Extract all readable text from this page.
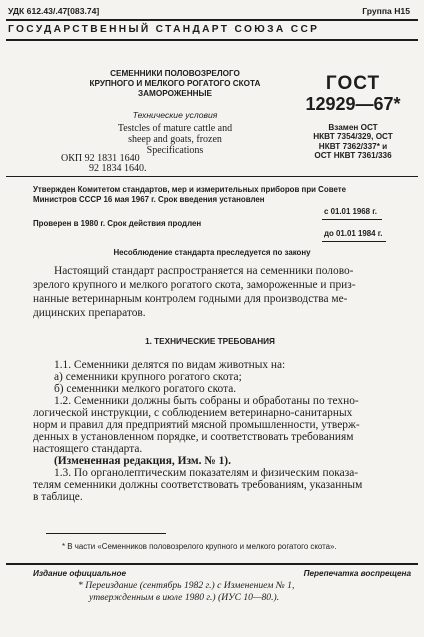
УДК 612.43/.47[083.74]	Группа Н15
ГОСУДАРСТВЕННЫЙ СТАНДАРТ СОЮЗА ССР
СЕМЕННИКИ ПОЛОВОЗРЕЛОГО
КРУПНОГО И МЕЛКОГО РОГАТОГО СКОТА
ЗАМОРОЖЕННЫЕ
Технические условия
Testcles of mature cattle and
sheep and goats, frozen
Specifications
ОКП 92 1831 1640
92 1834 1640.
ГОСТ
12929—67*
Взамен ОСТ
НКВТ 7354/329, ОСТ
НКВТ 7362/337* и
ОСТ НКВТ 7361/336
Утвержден Комитетом стандартов, мер и измерительных приборов при Совете
Министров СССР 16 мая 1967 г. Срок введения установлен
с 01.01 1968 г.
Проверен в 1980 г. Срок действия продлен
до 01.01 1984 г.
Несоблюдение стандарта преследуется по закону
Настоящий стандарт распространяется на семенники полово-
зрелого крупного и мелкого рогатого скота, замороженные и приз-
нанные ветеринарным контролем годными для производства ме-
дицинских препаратов.
1. ТЕХНИЧЕСКИЕ ТРЕБОВАНИЯ
1.1. Семенники делятся по видам животных на:
а) семенники крупного рогатого скота;
б) семенники мелкого рогатого скота.
1.2. Семенники должны быть собраны и обработаны по техно-
логической инструкции, с соблюдением ветеринарно-санитарных
норм и правил для предприятий мясной промышленности, утверж-
денных в установленном порядке, и соответствовать требованиям
настоящего стандарта.
(Измененная редакция, Изм. № 1).
1.3. По органолептическим показателям и физическим показа-
телям семенники должны соответствовать требованиям, указанным
в таблице.
* В части «Семенников половозрелого крупного и мелкого рогатого скота».
Издание официальное	Перепечатка воспрещена
* Переиздание (сентябрь 1982 г.) с Изменением № 1,
утвержденным в июле 1980 г.) (ИУС 10—80.).
